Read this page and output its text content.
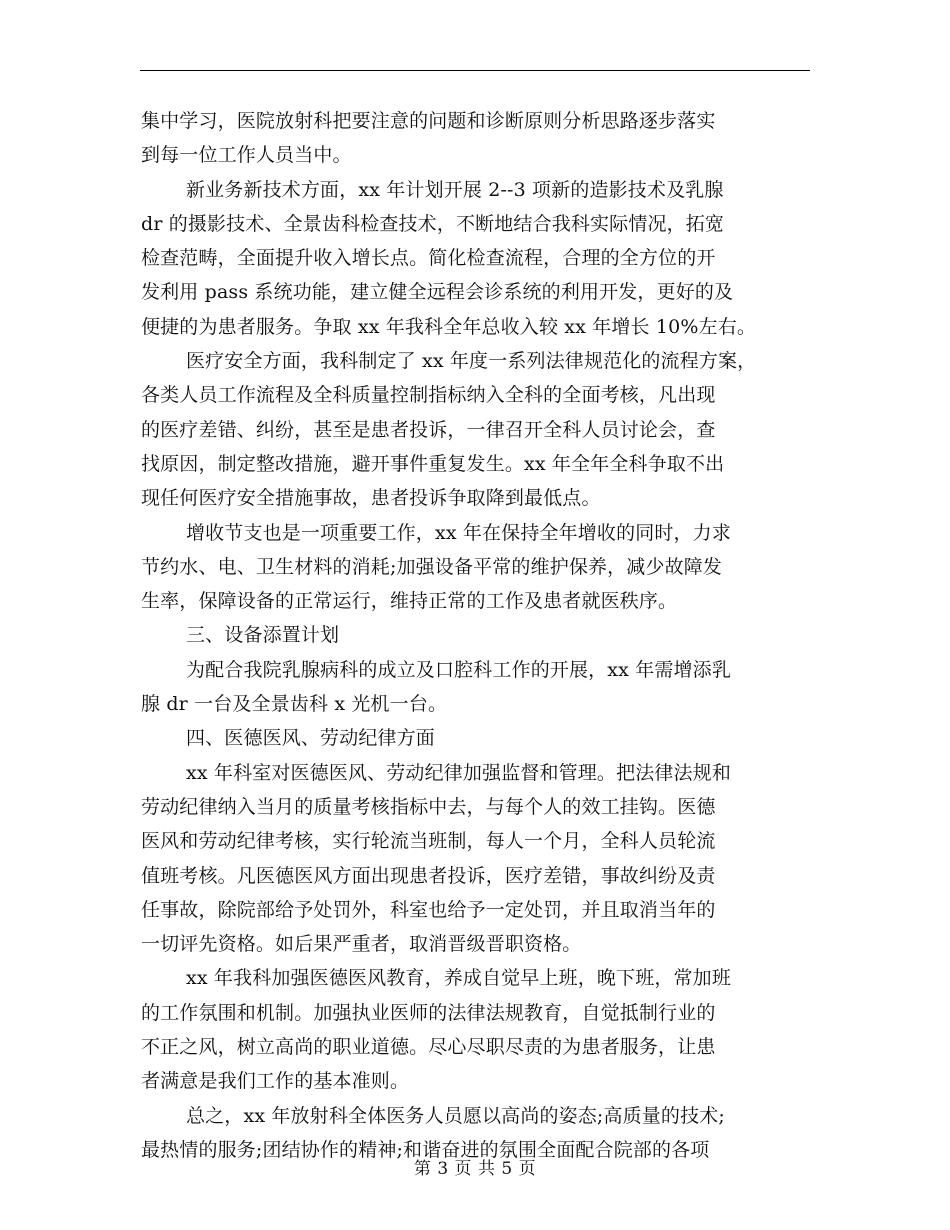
集中学习，医院放射科把要注意的问题和诊断原则分析思路逐步落实
到每一位工作人员当中。
新业务新技术方面，xx 年计划开展 2--3 项新的造影技术及乳腺
dr 的摄影技术、全景齿科检查技术，不断地结合我科实际情况，拓宽
检查范畴，全面提升收入增长点。简化检查流程，合理的全方位的开
发利用 pass 系统功能，建立健全远程会诊系统的利用开发，更好的及
便捷的为患者服务。争取 xx 年我科全年总收入较 xx 年增长 10%左右。
医疗安全方面，我科制定了 xx 年度一系列法律规范化的流程方案，
各类人员工作流程及全科质量控制指标纳入全科的全面考核，凡出现
的医疗差错、纠纷，甚至是患者投诉，一律召开全科人员讨论会，查
找原因，制定整改措施，避开事件重复发生。xx 年全年全科争取不出
现任何医疗安全措施事故，患者投诉争取降到最低点。
增收节支也是一项重要工作，xx 年在保持全年增收的同时，力求
节约水、电、卫生材料的消耗;加强设备平常的维护保养，减少故障发
生率，保障设备的正常运行，维持正常的工作及患者就医秩序。
三、设备添置计划
为配合我院乳腺病科的成立及口腔科工作的开展，xx 年需增添乳
腺 dr 一台及全景齿科 x 光机一台。
四、医德医风、劳动纪律方面
xx 年科室对医德医风、劳动纪律加强监督和管理。把法律法规和
劳动纪律纳入当月的质量考核指标中去，与每个人的效工挂钩。医德
医风和劳动纪律考核，实行轮流当班制，每人一个月，全科人员轮流
值班考核。凡医德医风方面出现患者投诉，医疗差错，事故纠纷及责
任事故，除院部给予处罚外，科室也给予一定处罚，并且取消当年的
一切评先资格。如后果严重者，取消晋级晋职资格。
xx 年我科加强医德医风教育，养成自觉早上班，晚下班，常加班
的工作氛围和机制。加强执业医师的法律法规教育，自觉抵制行业的
不正之风，树立高尚的职业道德。尽心尽职尽责的为患者服务，让患
者满意是我们工作的基本准则。
总之，xx 年放射科全体医务人员愿以高尚的姿态;高质量的技术;
最热情的服务;团结协作的精神;和谐奋进的氛围全面配合院部的各项
第 3 页 共 5 页
